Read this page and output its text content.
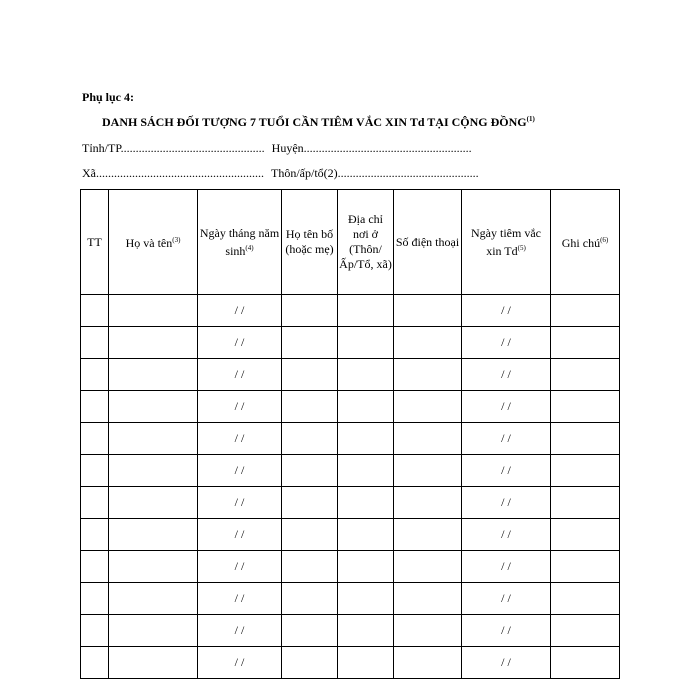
Phụ lục 4:
DANH SÁCH ĐỐI TƯỢNG 7 TUỔI CẦN TIÊM VẮC XIN Td TẠI CỘNG ĐỒNG$^{(1)}$
Tỉnh/TP................................................ Huyện........................................................
Xã........................................................ Thôn/ấp/tổ(2)...............................................
TT	Họ và tên$^{(3)}$	Ngày tháng năm $\sinh^{(4)}$	Họ tên bố (hoặc mẹ)	Địa chỉ nơi ở (Thôn/ Ấp/Tổ, xã)	Số điện thoại	Ngày tiêm vắc xin Td$^{(5)}$	Ghi chú$^{(6)}$
		/ /				/ /	
		/ /				/ /	
		/ /				/ /	
		/ /				/ /	
		/ /				/ /	
		/ /				/ /	
		/ /				/ /	
		/ /				/ /	
		/ /				/ /	
		/ /				/ /	
		/ /				/ /	
		/ /				/ /	
